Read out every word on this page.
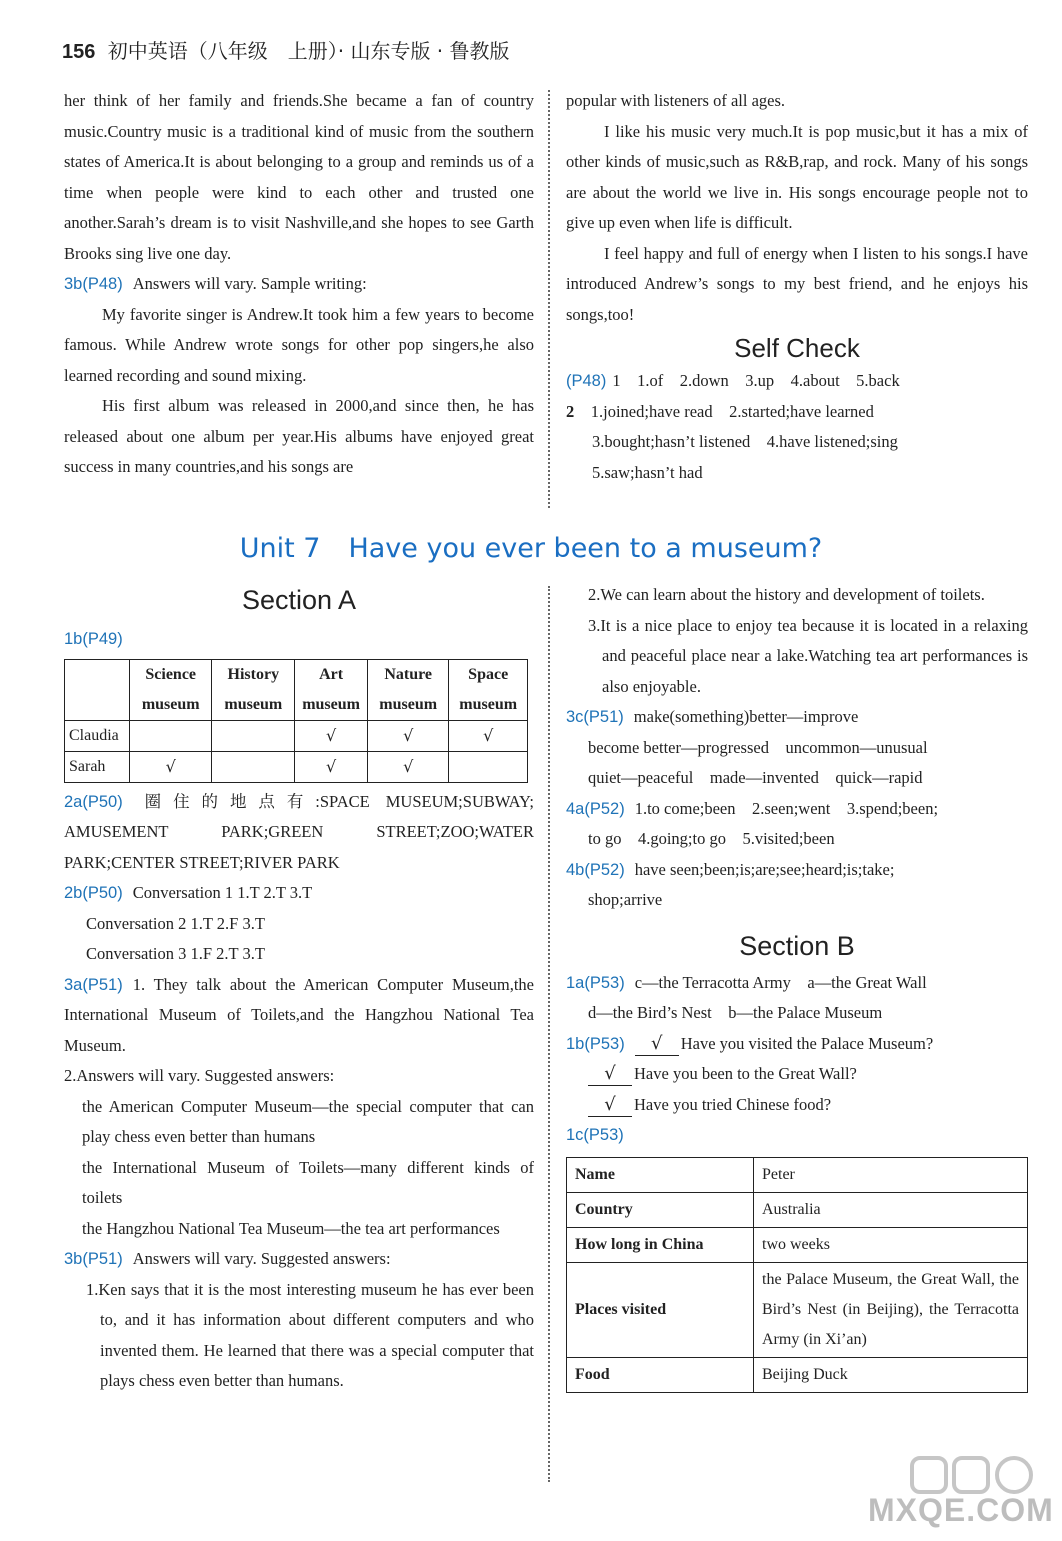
156 初中英语（八年级　上册）· 山东专版 · 鲁教版

her think of her family and friends.She became a fan of country music.Country music is a traditional kind of music from the southern states of America.It is about belonging to a group and reminds us of a time when people were kind to each other and trusted one another.Sarah’s dream is to visit Nashville,and she hopes to see Garth Brooks sing live one day.

3b(P48) Answers will vary. Sample writing:

My favorite singer is Andrew.It took him a few years to become famous. While Andrew wrote songs for other pop singers,he also learned recording and sound mixing.

His first album was released in 2000,and since then, he has released about one album per year.His albums have enjoyed great success in many countries,and his songs are

popular with listeners of all ages.

I like his music very much.It is pop music,but it has a mix of other kinds of music,such as R&B,rap, and rock. Many of his songs are about the world we live in. His songs encourage people not to give up even when life is difficult.

I feel happy and full of energy when I listen to his songs.I have introduced Andrew’s songs to my best friend, and he enjoys his songs,too!

Self Check

(P48) 1　1.of　2.down　3.up　4.about　5.back

2　 1.joined;have read　2.started;have learned

3.bought;hasn’t listened　4.have listened;sing

5.saw;hasn’t had

Unit 7 Have you ever been to a museum?
Section A

1b(P49)

	Science museum	History museum	Art museum	Nature museum	Space museum
Claudia			√	√	√
Sarah	√		√	√	

2a(P50) 圈住的地点有:SPACE MUSEUM;SUBWAY; AMUSEMENT PARK;GREEN STREET;ZOO;WATER PARK;CENTER STREET;RIVER PARK

2b(P50) Conversation 1 1.T 2.T 3.T

Conversation 2 1.T 2.F 3.T

Conversation 3 1.F 2.T 3.T

3a(P51) 1. They talk about the American Computer Museum,the International Museum of Toilets,and the Hangzhou National Tea Museum.

2.Answers will vary. Suggested answers:

the American Computer Museum—the special computer that can play chess even better than humans

the International Museum of Toilets—many different kinds of toilets

the Hangzhou National Tea Museum—the tea art performances

3b(P51) Answers will vary. Suggested answers:

1.Ken says that it is the most interesting museum he has ever been to, and it has information about different computers and who invented them. He learned that there was a special computer that plays chess even better than humans.

2.We can learn about the history and development of toilets.

3.It is a nice place to enjoy tea because it is located in a relaxing and peaceful place near a lake.Watching tea art performances is also enjoyable.

3c(P51) make(something)better—improve

become better—progressed　uncommon—unusual

quiet—peaceful　made—invented　quick—rapid

4a(P52) 1.to come;been　2.seen;went　3.spend;been;

to go　4.going;to go　5.visited;been

4b(P52) have seen;been;is;are;see;heard;is;take;

shop;arrive

Section B

1a(P53) c—the Terracotta Army　a—the Great Wall

d—the Bird’s Nest　b—the Palace Museum

1b(P53) √ Have you visited the Palace Museum?

√ Have you been to the Great Wall?

√ Have you tried Chinese food?

1c(P53)

Name	Peter
Country	Australia
How long in China	two weeks
Places visited	the Palace Museum, the Great Wall, the Bird’s Nest (in Beijing), the Terracotta Army (in Xi’an)
Food	Beijing Duck
MXQE.COM
